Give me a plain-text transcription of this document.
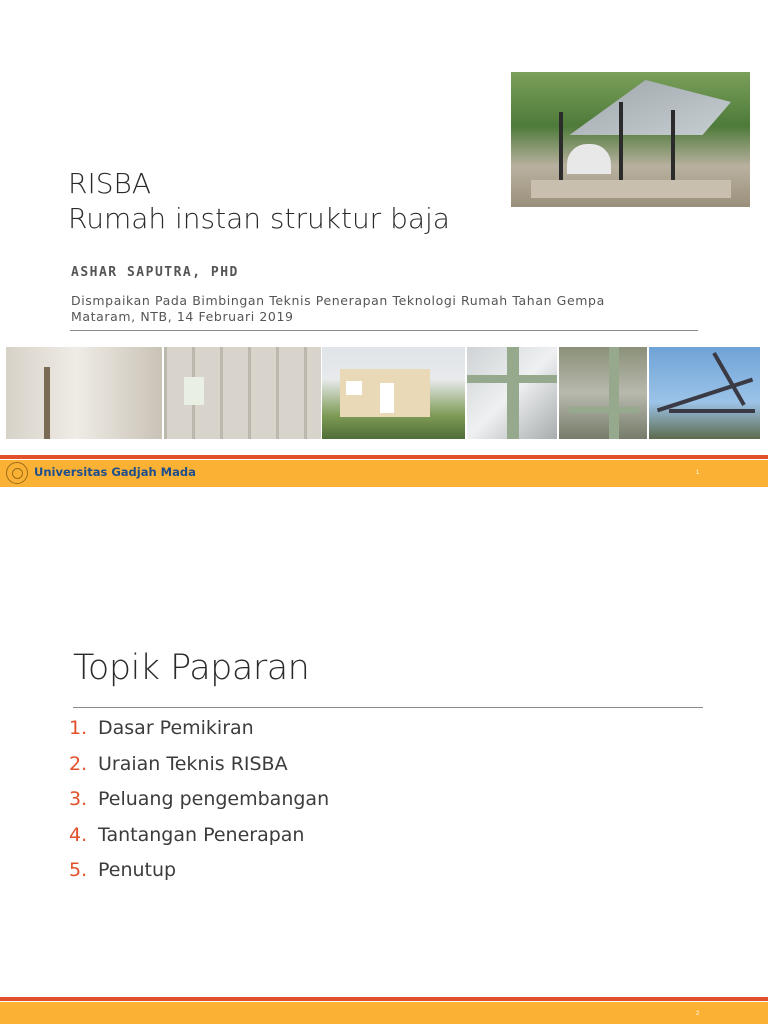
RISBA
Rumah instan struktur baja
ASHAR SAPUTRA, PHD
Dismpaikan Pada Bimbingan Teknis Penerapan Teknologi Rumah Tahan Gempa
Mataram, NTB, 14 Februari 2019
Universitas Gadjah Mada	1
Topik Paparan
1. Dasar Pemikiran
2. Uraian Teknis RISBA
3. Peluang pengembangan
4. Tantangan Penerapan
5. Penutup
2
